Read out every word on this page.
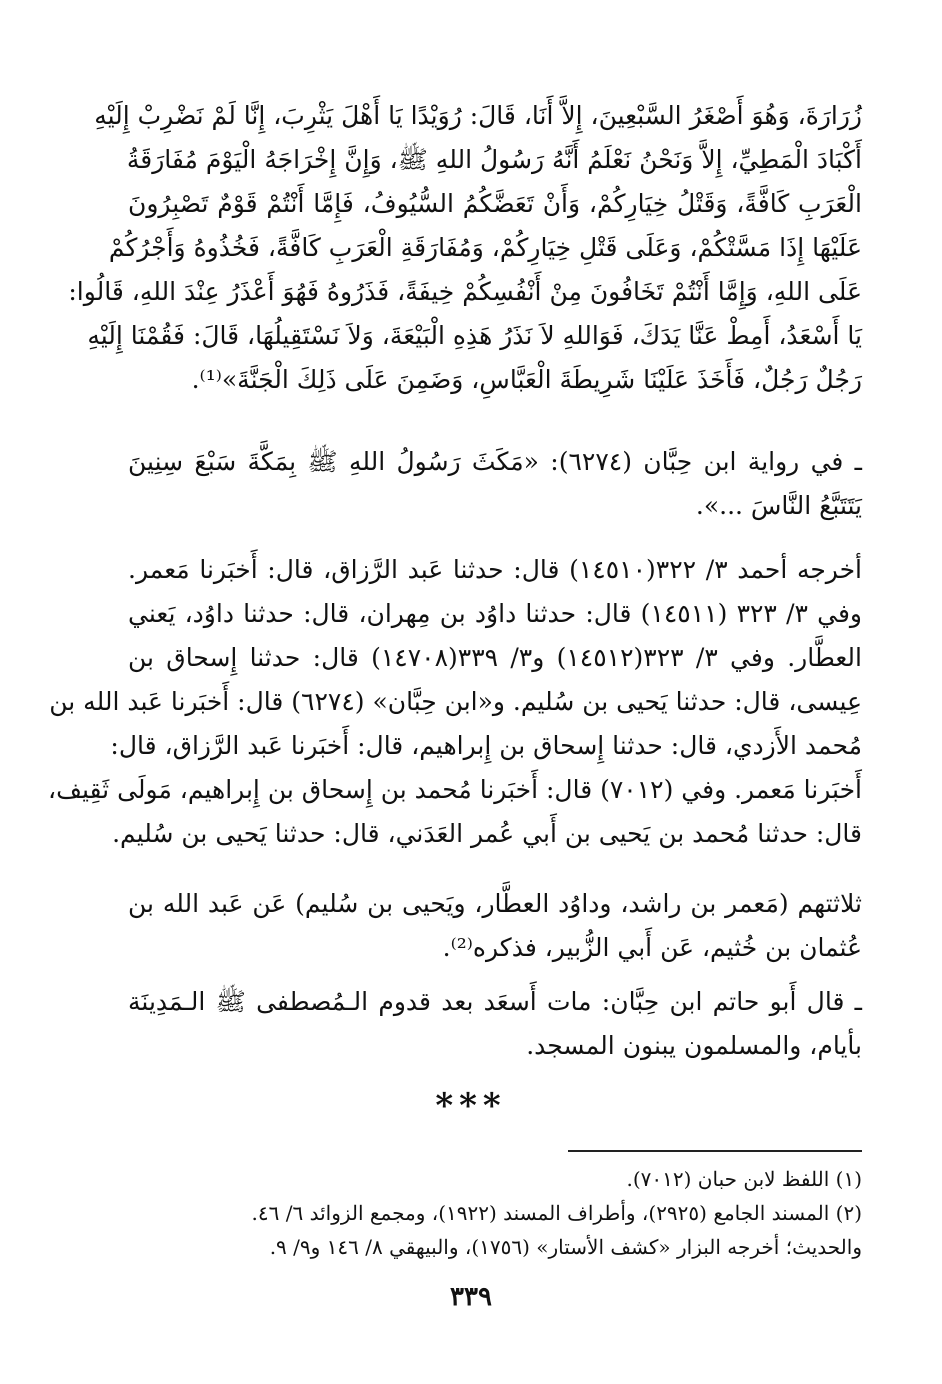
زُرَارَةَ، وَهُوَ أَصْغَرُ السَّبْعِينَ، إِلاَّ أَنَا، قَالَ: رُوَيْدًا يَا أَهْلَ يَثْرِبَ، إِنَّا لَمْ نَضْرِبْ إِلَيْهِ
أَكْبَادَ الْمَطِيِّ، إِلاَّ وَنَحْنُ نَعْلَمُ أَنَّهُ رَسُولُ اللهِ ﷺ، وَإِنَّ إِخْرَاجَهُ الْيَوْمَ مُفَارَقَةُ
الْعَرَبِ كَافَّةً، وَقَتْلُ خِيَارِكُمْ، وَأَنْ تَعَضَّكُمُ السُّيُوفُ، فَإِمَّا أَنْتُمْ قَوْمٌ تَصْبِرُونَ
عَلَيْهَا إِذَا مَسَّتْكُمْ، وَعَلَى قَتْلِ خِيَارِكُمْ، وَمُفَارَقَةِ الْعَرَبِ كَافَّةً، فَخُذُوهُ وَأَجْرُكُمْ
عَلَى اللهِ، وَإِمَّا أَنْتُمْ تَخَافُونَ مِنْ أَنْفُسِكُمْ خِيفَةً، فَذَرُوهُ فَهُوَ أَعْذَرُ عِنْدَ اللهِ، قَالُوا:
يَا أَسْعَدُ، أَمِطْ عَنَّا يَدَكَ، فَوَاللهِ لاَ نَذَرُ هَذِهِ الْبَيْعَةَ، وَلاَ نَسْتَقِيلُهَا، قَالَ: فَقُمْنَا إِلَيْهِ
رَجُلٌ رَجُلٌ، فَأَخَذَ عَلَيْنَا شَرِيطَةَ الْعَبَّاسِ، وَضَمِنَ عَلَى ذَلِكَ الْجَنَّةَ»⁽¹⁾.
ـ في رواية ابن حِبَّان (٦٢٧٤): «مَكَثَ رَسُولُ اللهِ ﷺ بِمَكَّةَ سَبْعَ سِنِينَ
يَتَتَبَّعُ النَّاسَ ...».
أخرجه أحمد ٣/ ٣٢٢(١٤٥١٠) قال: حدثنا عَبد الرَّزاق، قال: أَخبَرنا مَعمر.
وفي ٣/ ٣٢٣ (١٤٥١١) قال: حدثنا داوُد بن مِهران، قال: حدثنا داوُد، يَعني
العطَّار. وفي ٣/ ٣٢٣(١٤٥١٢) و٣/ ٣٣٩(١٤٧٠٨) قال: حدثنا إِسحاق بن
عِيسى، قال: حدثنا يَحيى بن سُليم. و«ابن حِبَّان» (٦٢٧٤) قال: أَخبَرنا عَبد الله بن
مُحمد الأَزدي، قال: حدثنا إِسحاق بن إِبراهيم، قال: أَخبَرنا عَبد الرَّزاق، قال:
أَخبَرنا مَعمر. وفي (٧٠١٢) قال: أَخبَرنا مُحمد بن إِسحاق بن إِبراهيم، مَولَى ثَقِيف،
قال: حدثنا مُحمد بن يَحيى بن أَبي عُمر العَدَني، قال: حدثنا يَحيى بن سُليم.
ثلاثتهم (مَعمر بن راشد، وداوُد العطَّار، ويَحيى بن سُليم) عَن عَبد الله بن
عُثمان بن خُثيم، عَن أَبي الزُّبير، فذكره⁽²⁾.
ـ قال أَبو حاتم ابن حِبَّان: مات أَسعَد بعد قدوم الـمُصطفى ﷺ الـمَدِينَة
بأيام، والمسلمون يبنون المسجد.
***
(١) اللفظ لابن حبان (٧٠١٢).
(٢) المسند الجامع (٢٩٢٥)، وأطراف المسند (١٩٢٢)، ومجمع الزوائد ٦/ ٤٦.
والحديث؛ أخرجه البزار «كشف الأستار» (١٧٥٦)، والبيهقي ٨/ ١٤٦ و٩/ ٩.
٣٣٩
